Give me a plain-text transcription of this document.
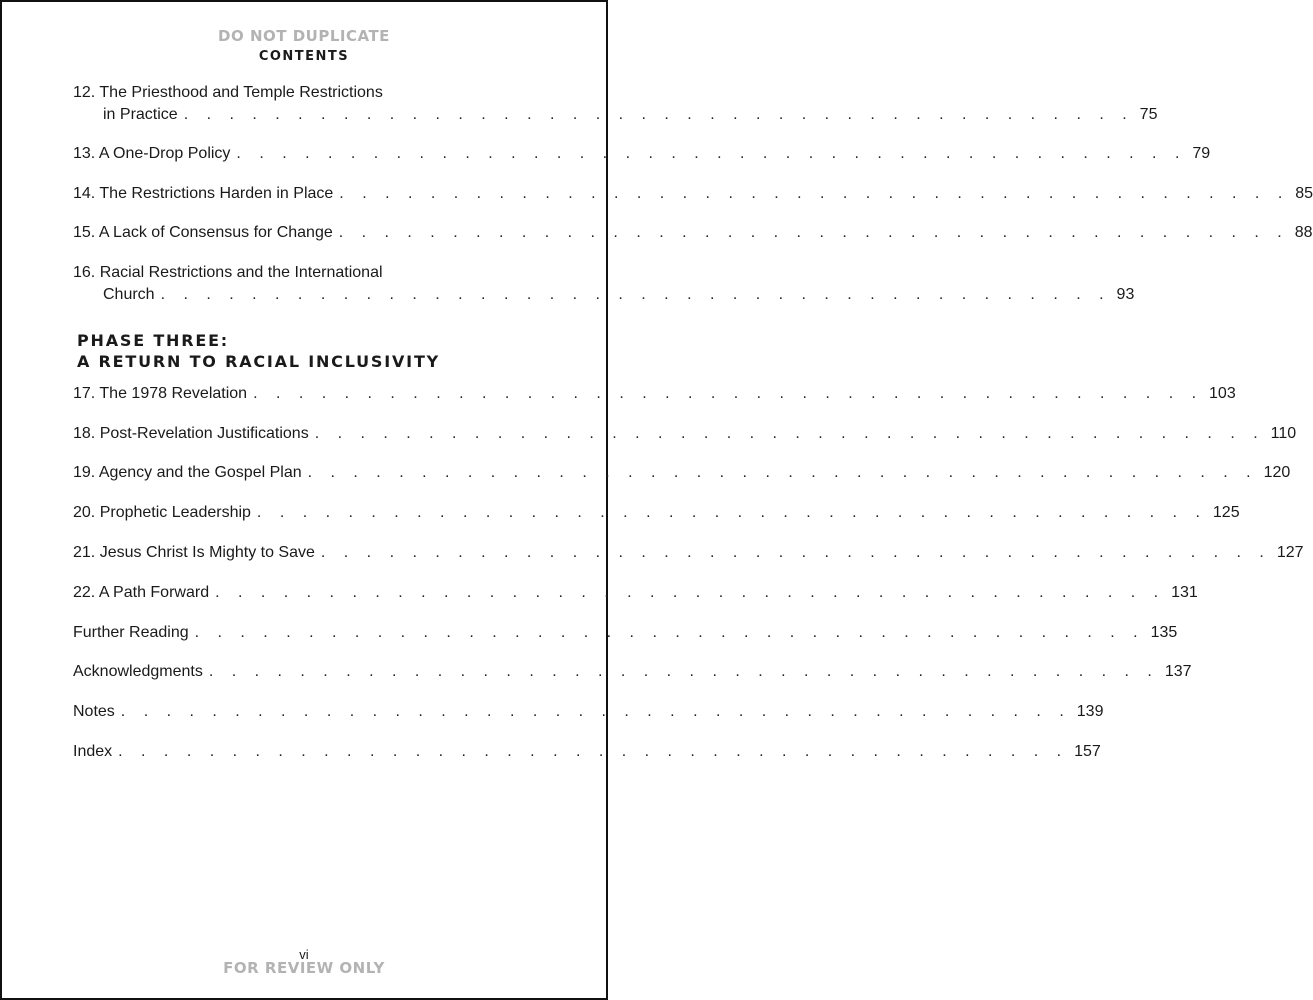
DO NOT DUPLICATE
CONTENTS
12. The Priesthood and Temple Restrictions
in Practice . . . . . . . . . . . . . . . . . . . . . . . . . . . . . . . . . . . . . . . . . . 75
13. A One-Drop Policy . . . . . . . . . . . . . . . . . . . . . . . . . . . . . . . . . . . . . . . . . . 79
14. The Restrictions Harden in Place . . . . . . . . . . . . . . . . . . . . . . . . . . . . . . . . . . . . . . . . . . 85
15. A Lack of Consensus for Change . . . . . . . . . . . . . . . . . . . . . . . . . . . . . . . . . . . . . . . . . . 88
16. Racial Restrictions and the International
Church . . . . . . . . . . . . . . . . . . . . . . . . . . . . . . . . . . . . . . . . . . 93
PHASE THREE:
A RETURN TO RACIAL INCLUSIVITY
17. The 1978 Revelation . . . . . . . . . . . . . . . . . . . . . . . . . . . . . . . . . . . . . . . . . . 103
18. Post-Revelation Justifications . . . . . . . . . . . . . . . . . . . . . . . . . . . . . . . . . . . . . . . . . . 110
19. Agency and the Gospel Plan . . . . . . . . . . . . . . . . . . . . . . . . . . . . . . . . . . . . . . . . . . 120
20. Prophetic Leadership . . . . . . . . . . . . . . . . . . . . . . . . . . . . . . . . . . . . . . . . . . 125
21. Jesus Christ Is Mighty to Save . . . . . . . . . . . . . . . . . . . . . . . . . . . . . . . . . . . . . . . . . . 127
22. A Path Forward . . . . . . . . . . . . . . . . . . . . . . . . . . . . . . . . . . . . . . . . . . 131
Further Reading . . . . . . . . . . . . . . . . . . . . . . . . . . . . . . . . . . . . . . . . . . 135
Acknowledgments . . . . . . . . . . . . . . . . . . . . . . . . . . . . . . . . . . . . . . . . . . 137
Notes . . . . . . . . . . . . . . . . . . . . . . . . . . . . . . . . . . . . . . . . . . 139
Index . . . . . . . . . . . . . . . . . . . . . . . . . . . . . . . . . . . . . . . . . . 157
vi
FOR REVIEW ONLY
